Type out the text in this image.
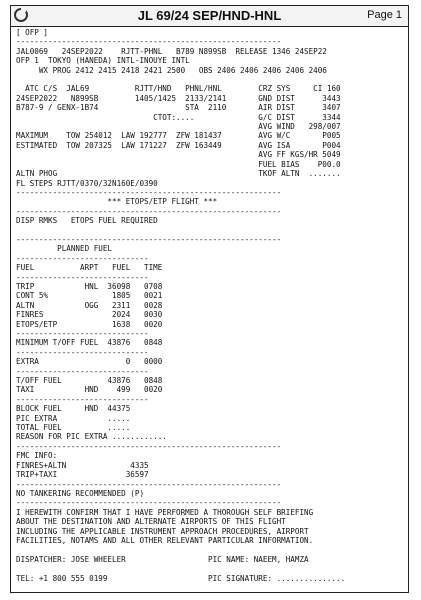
JL 69/24 SEP/HND-HNL	Page 1
[ OFP ]
----------------------------------------------------------
JAL0069   24SEP2022    RJTT-PHNL   B789 N899SB  RELEASE 1346 24SEP22
OFP 1  TOKYO (HANEDA) INTL-INOUYE INTL
WX PROG 2412 2415 2418 2421 2500   OBS 2406 2406 2406 2406 2406

ATC C/S  JAL69          RJTT/HND   PHNL/HNL        CRZ SYS     CI 160
24SEP2022   N899SB        1405/1425  2133/2141       GND DIST      3443
B787-9 / GENX-1B74                   STA  2110       AIR DIST      3407
CTOT:....              G/C DIST      3344
AVG WIND   298/007
MAXIMUM    TOW 254012  LAW 192777  ZFW 181437        AVG W/C       P005
ESTIMATED  TOW 207325  LAW 171227  ZFW 163449        AVG ISA       P004
AVG FF KGS/HR 5049
FUEL BIAS    P00.0
ALTN PHOG                                            TKOF ALTN  .......
FL STEPS RJTT/0370/32N160E/0390
----------------------------------------------------------
*** ETOPS/ETP FLIGHT ***
----------------------------------------------------------
DISP RMKS   ETOPS FUEL REQUIRED

----------------------------------------------------------
PLANNED FUEL
-----------------------------
FUEL          ARPT   FUEL   TIME
-----------------------------
TRIP           HNL  36098   0708
CONT 5%              1805   0021
ALTN           OGG   2311   0028
FINRES               2024   0030
ETOPS/ETP            1638   0020
-----------------------------
MINIMUM T/OFF FUEL  43876   0848
-----------------------------
EXTRA                   0   0000
-----------------------------
T/OFF FUEL          43876   0848
TAXI           HND    499   0020
-----------------------------
BLOCK FUEL     HND  44375
PIC EXTRA           .....
TOTAL FUEL          .....
REASON FOR PIC EXTRA ............
----------------------------------------------------------
FMC INFO:
FINRES+ALTN              4335
TRIP+TAXI               36597
----------------------------------------------------------
NO TANKERING RECOMMENDED (P)
----------------------------------------------------------
I HEREWITH CONFIRM THAT I HAVE PERFORMED A THOROUGH SELF BRIEFING
ABOUT THE DESTINATION AND ALTERNATE AIRPORTS OF THIS FLIGHT
INCLUDING THE APPLICABLE INSTRUMENT APPROACH PROCEDURES, AIRPORT
FACILITIES, NOTAMS AND ALL OTHER RELEVANT PARTICULAR INFORMATION.

DISPATCHER: JOSE WHEELER                  PIC NAME: NAEEM, HAMZA

TEL: +1 800 555 0199                      PIC SIGNATURE: ...............
